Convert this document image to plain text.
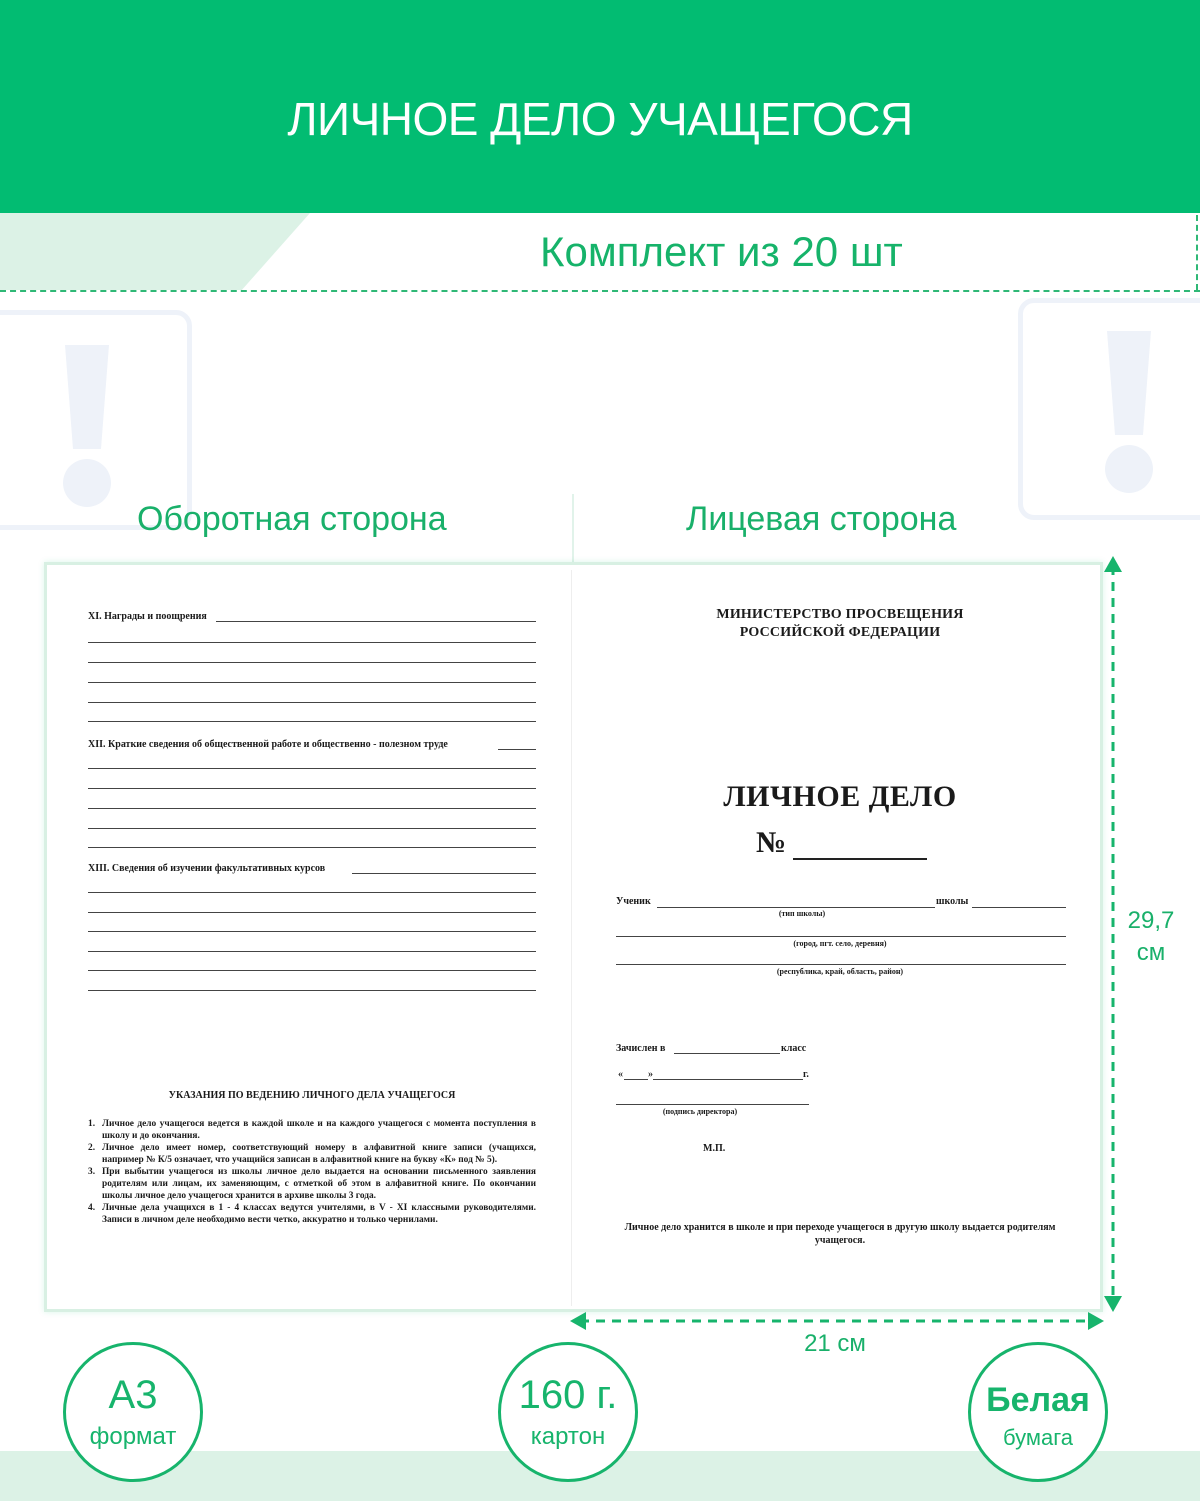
ЛИЧНОЕ ДЕЛО УЧАЩЕГОСЯ
Комплект из 20 шт
Оборотная сторона	Лицевая сторона
XI. Награды и поощрения
XII. Краткие сведения об общественной работе и общественно - полезном труде
XIII. Сведения об изучении факультативных курсов
УКАЗАНИЯ ПО ВЕДЕНИЮ ЛИЧНОГО ДЕЛА УЧАЩЕГОСЯ
1. Личное дело учащегося ведется в каждой школе и на каждого учащегося с момента поступления в школу и до окончания.
2. Личное дело имеет номер, соответствующий номеру в алфавитной книге записи (учащихся, например № К/5 означает, что учащийся записан в алфавитной книге на букву «К» под № 5).
3. При выбытии учащегося из школы личное дело выдается на основании письменного заявления родителям или лицам, их заменяющим, с отметкой об этом в алфавитной книге. По окончании школы личное дело учащегося хранится в архиве школы 3 года.
4. Личные дела учащихся в 1 - 4 классах ведутся учителями, в V - XI классными руководителями. Записи в личном деле необходимо вести четко, аккуратно и только чернилами.
МИНИСТЕРСТВО ПРОСВЕЩЕНИЯ
РОССИЙСКОЙ ФЕДЕРАЦИИ
ЛИЧНОЕ ДЕЛО
№
Ученик	школы
(тип школы)
(город, пгт. село, деревня)
(республика, край, область, район)
Зачислен в	класс
«	»	г.
(подпись директора)
М.П.
Личное дело хранится в школе и при переходе учащегося в другую школу выдается родителям учащегося.
29,7
см
21 см
А3
формат
160 г.
картон
Белая
бумага
